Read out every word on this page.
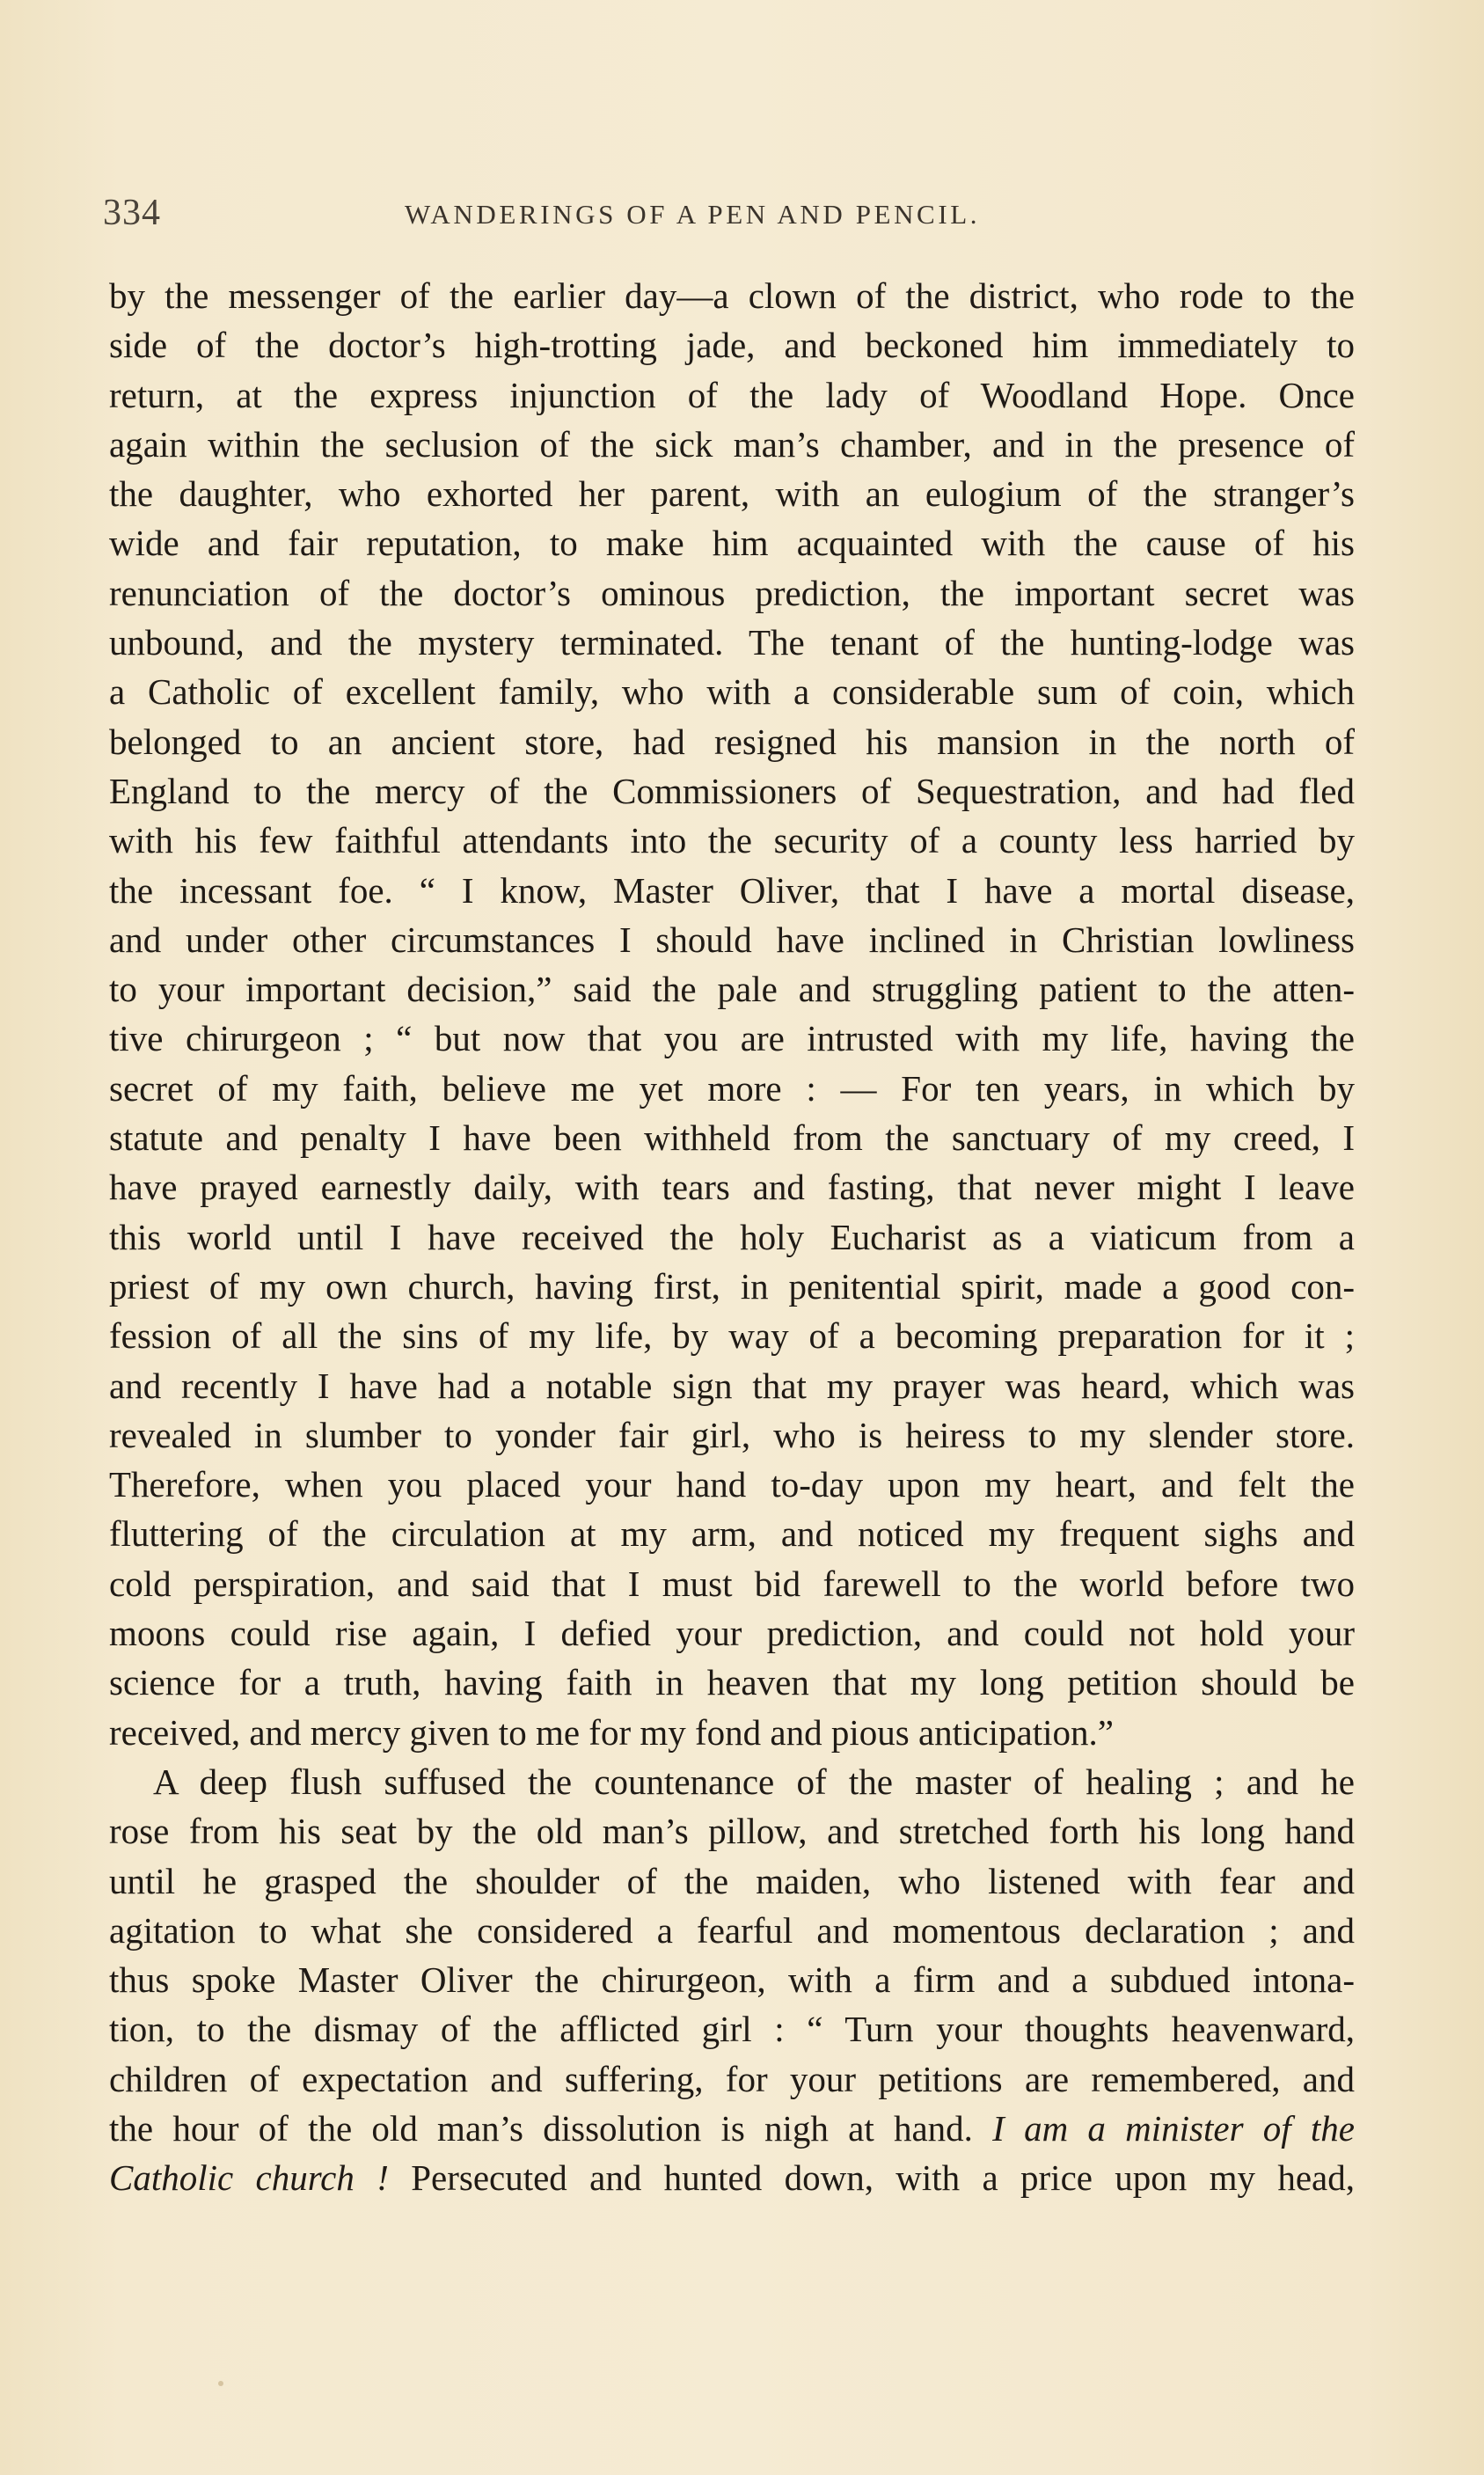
334	WANDERINGS OF A PEN AND PENCIL.
by the messenger of the earlier day—a clown of the district, who rode to the
side of the doctor’s high-trotting jade, and beckoned him immediately to
return, at the express injunction of the lady of Woodland Hope. Once
again within the seclusion of the sick man’s chamber, and in the presence of
the daughter, who exhorted her parent, with an eulogium of the stranger’s
wide and fair reputation, to make him acquainted with the cause of his
renunciation of the doctor’s ominous prediction, the important secret was
unbound, and the mystery terminated. The tenant of the hunting-lodge was
a Catholic of excellent family, who with a considerable sum of coin, which
belonged to an ancient store, had resigned his mansion in the north of
England to the mercy of the Commissioners of Sequestration, and had fled
with his few faithful attendants into the security of a county less harried by
the incessant foe. “ I know, Master Oliver, that I have a mortal disease,
and under other circumstances I should have inclined in Christian lowliness
to your important decision,” said the pale and struggling patient to the atten-
tive chirurgeon ; “ but now that you are intrusted with my life, having the
secret of my faith, believe me yet more : — For ten years, in which by
statute and penalty I have been withheld from the sanctuary of my creed, I
have prayed earnestly daily, with tears and fasting, that never might I leave
this world until I have received the holy Eucharist as a viaticum from a
priest of my own church, having first, in penitential spirit, made a good con-
fession of all the sins of my life, by way of a becoming preparation for it ;
and recently I have had a notable sign that my prayer was heard, which was
revealed in slumber to yonder fair girl, who is heiress to my slender store.
Therefore, when you placed your hand to-day upon my heart, and felt the
fluttering of the circulation at my arm, and noticed my frequent sighs and
cold perspiration, and said that I must bid farewell to the world before two
moons could rise again, I defied your prediction, and could not hold your
science for a truth, having faith in heaven that my long petition should be
received, and mercy given to me for my fond and pious anticipation.”
A deep flush suffused the countenance of the master of healing ; and he
rose from his seat by the old man’s pillow, and stretched forth his long hand
until he grasped the shoulder of the maiden, who listened with fear and
agitation to what she considered a fearful and momentous declaration ; and
thus spoke Master Oliver the chirurgeon, with a firm and a subdued intona-
tion, to the dismay of the afflicted girl : “ Turn your thoughts heavenward,
children of expectation and suffering, for your petitions are remembered, and
the hour of the old man’s dissolution is nigh at hand. I am a minister of the
Catholic church ! Persecuted and hunted down, with a price upon my head,
